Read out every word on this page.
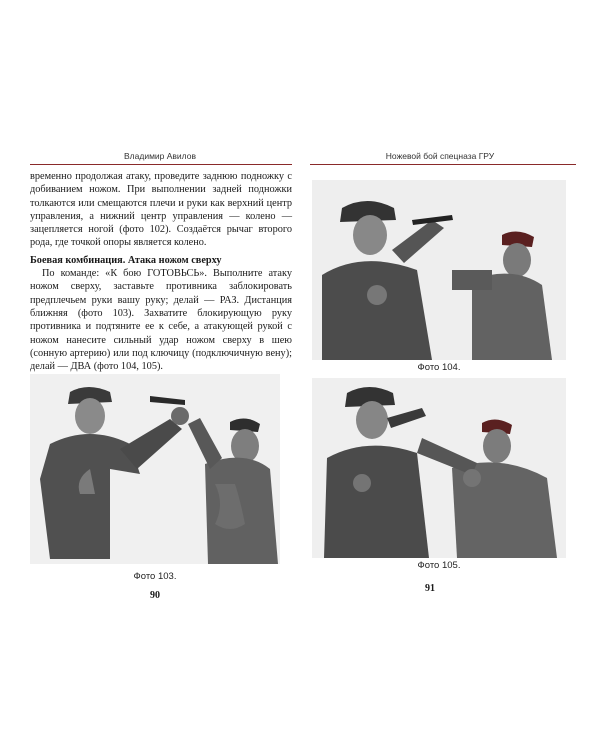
Владимир Авилов

временно продолжая атаку, проведите заднюю подножку с добиванием ножом. При выполнении задней подножки толкаются или смещаются плечи и руки как верхний центр управления, а нижний центр управления — колено — зацепляется ногой (фото 102). Создаётся рычаг второго рода, где точкой опоры является колено.

Боевая комбинация. Атака ножом сверху

По команде: «К бою ГОТОВЬСЬ». Выполните атаку ножом сверху, заставьте противника заблокировать предплечьем руки вашу руку; делай — РАЗ. Дистанция ближняя (фото 103). Захватите блокирующую руку противника и подтяните ее к себе, а атакующей рукой с ножом нанесите сильный удар ножом сверху в шею (сонную артерию) или под ключицу (подключичную вену); делай — ДВА (фото 104, 105).

Фото 103.
90
Ножевой бой спецназа ГРУ
Фото 104.
Фото 105.
91
